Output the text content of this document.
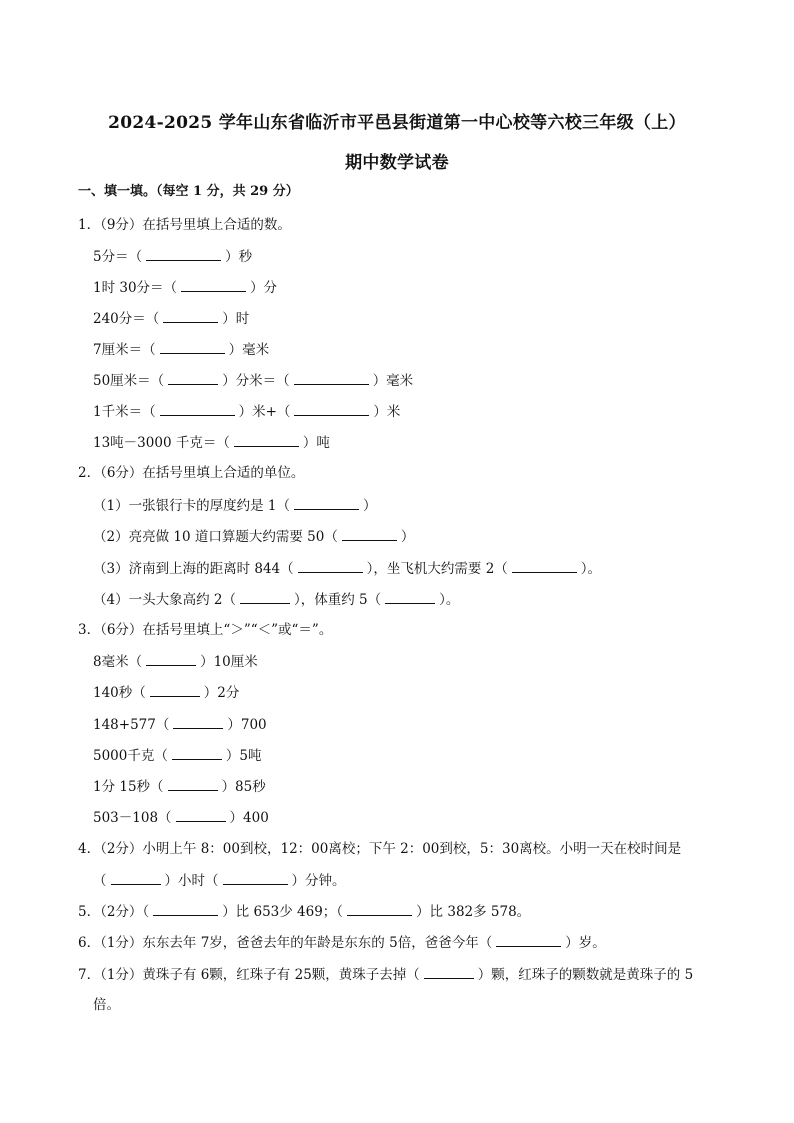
2024-2025 学年山东省临沂市平邑县街道第一中心校等六校三年级（上）
期中数学试卷
一、填一填。（每空 1 分，共 29 分）
1．（9分）在括号里填上合适的数。
5分＝（	）秒
1时 30分＝（	）分
240分＝（	）时
7厘米＝（	）毫米
50厘米＝（	）分米＝（	）毫米
1千米＝（	）米+（	）米
13吨－3000 千克＝（	）吨
2．（6分）在括号里填上合适的单位。
（1）一张银行卡的厚度约是 1（	）
（2）亮亮做 10 道口算题大约需要 50（	）
（3）济南到上海的距离时 844（	），坐飞机大约需要 2（	）。
（4）一头大象高约 2（	），体重约 5（	）。
3．（6分）在括号里填上“＞”“＜”或“＝”。
8毫米（	）10厘米
140秒（	）2分
148+577（	）700
5000千克（	）5吨
1分 15秒（	）85秒
503－108（	）400
4．（2分）小明上午 8：00到校，12：00离校；下午 2：00到校，5：30离校。小明一天在校时间是
（	）小时（	）分钟。
5．（2分）（	）比 653少 469；（	）比 382多 578。
6．（1分）东东去年 7岁，爸爸去年的年龄是东东的 5倍，爸爸今年（	）岁。
7．（1分）黄珠子有 6颗，红珠子有 25颗，黄珠子去掉（	）颗，红珠子的颗数就是黄珠子的 5
倍。
